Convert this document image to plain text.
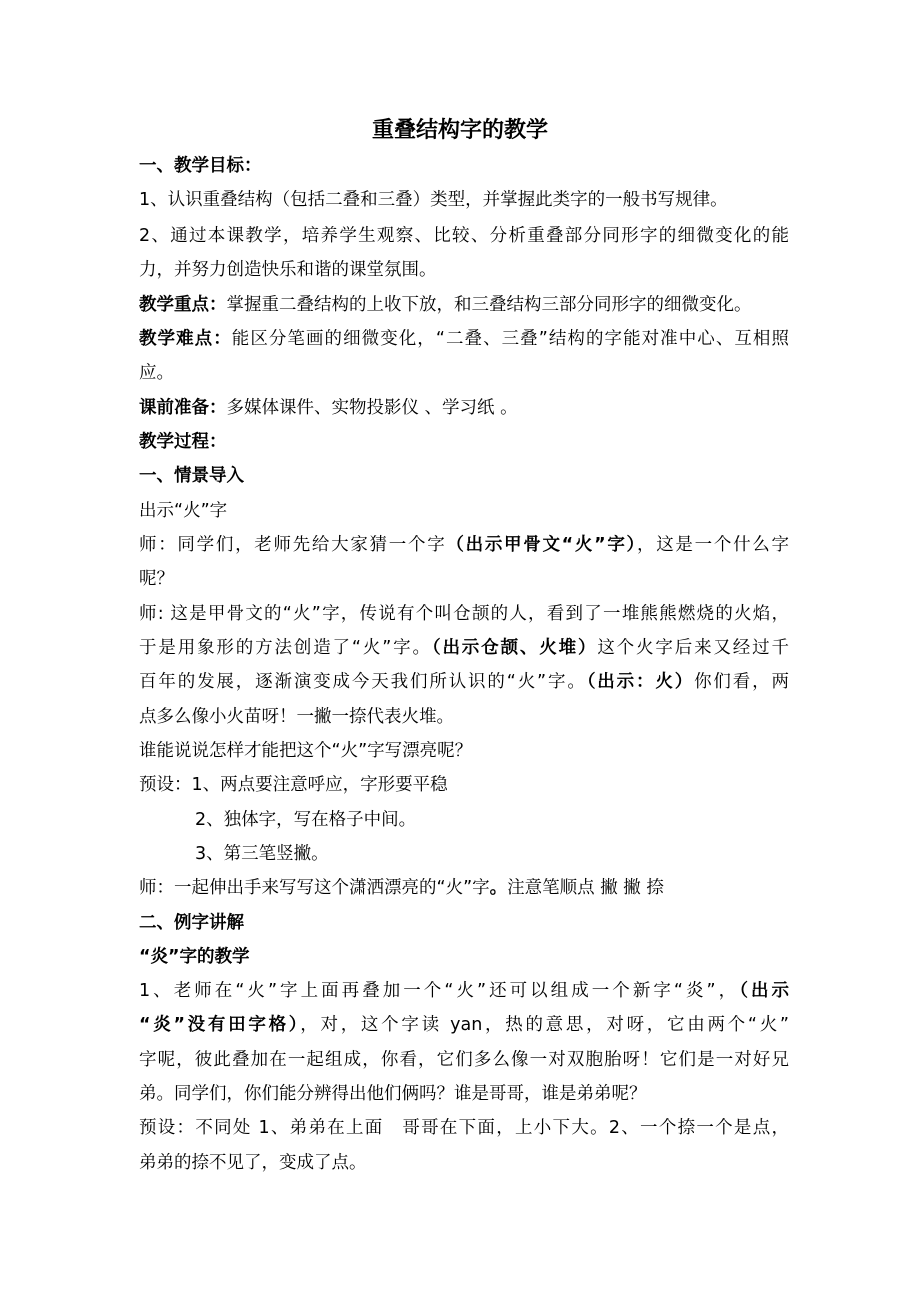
重叠结构字的教学
一、教学目标：
1、认识重叠结构（包括二叠和三叠）类型，并掌握此类字的一般书写规律。
2、通过本课教学，培养学生观察、比较、分析重叠部分同形字的细微变化的能
力，并努力创造快乐和谐的课堂氛围。
教学重点：掌握重二叠结构的上收下放，和三叠结构三部分同形字的细微变化。
教学难点：能区分笔画的细微变化，“二叠、三叠”结构的字能对准中心、互相照
应。
课前准备：多媒体课件、实物投影仪 、学习纸 。
教学过程：
一、情景导入
出示“火”字
师：同学们，老师先给大家猜一个字（出示甲骨文“火”字），这是一个什么字
呢？
师: 这是甲骨文的“火”字，传说有个叫仓颉的人，看到了一堆熊熊燃烧的火焰，
于是用象形的方法创造了“火”字。（出示仓颉、火堆）这个火字后来又经过千
百年的发展，逐渐演变成今天我们所认识的“火”字。（出示：火）你们看，两
点多么像小火苗呀！一撇一捺代表火堆。
谁能说说怎样才能把这个“火”字写漂亮呢？
预设：1、两点要注意呼应，字形要平稳
2、独体字，写在格子中间。
3、第三笔竖撇。
师：一起伸出手来写写这个潇洒漂亮的“火”字。注意笔顺点 撇 撇 捺
二、例字讲解
“炎”字的教学
1、老师在“火”字上面再叠加一个“火”还可以组成一个新字“炎”，（出示
“炎”没有田字格），对，这个字读 yan，热的意思，对呀，它由两个“火”
字呢，彼此叠加在一起组成，你看，它们多么像一对双胞胎呀！它们是一对好兄
弟。同学们，你们能分辨得出他们俩吗？谁是哥哥，谁是弟弟呢？
预设：不同处 1、弟弟在上面　哥哥在下面，上小下大。2、一个捺一个是点，
弟弟的捺不见了，变成了点。
